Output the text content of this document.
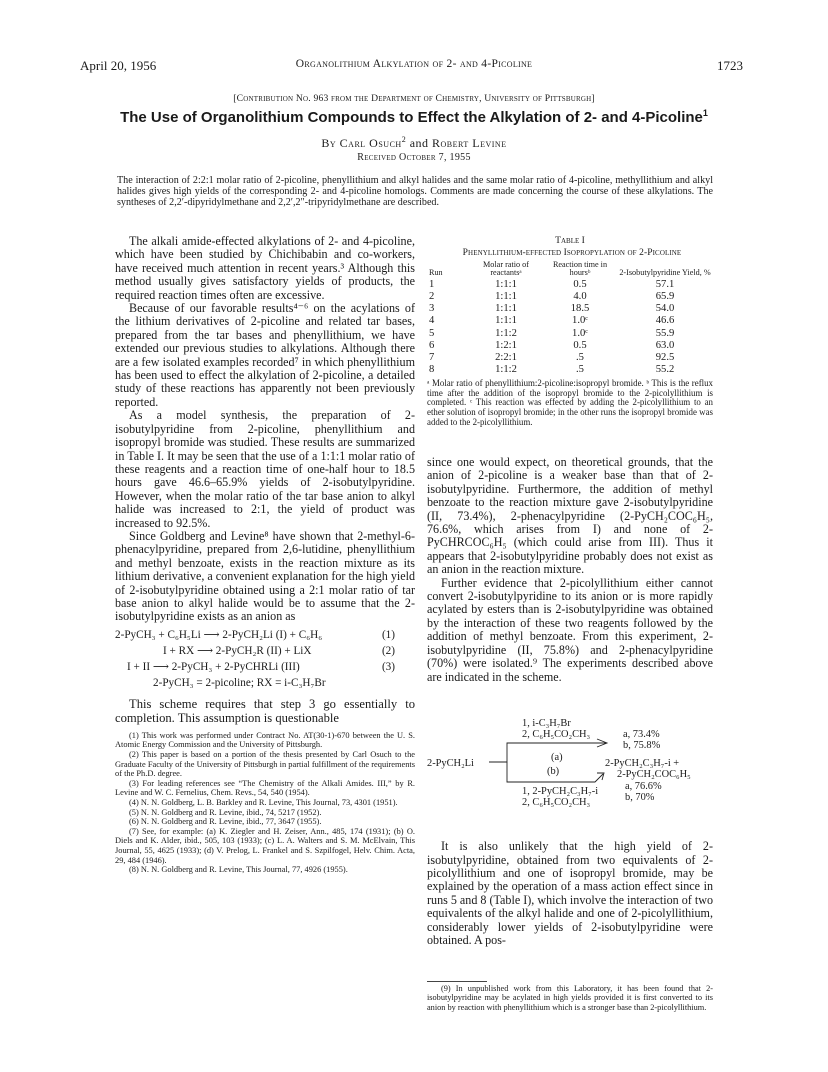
April 20, 1956	Organolithium Alkylation of 2- and 4-Picoline	1723
[Contribution No. 963 from the Department of Chemistry, University of Pittsburgh]
The Use of Organolithium Compounds to Effect the Alkylation of 2- and 4-Picoline$^1$
By Carl Osuch$^2$ and Robert Levine
Received October 7, 1955
The interaction of 2:2:1 molar ratio of 2-picoline, phenyllithium and alkyl halides and the same molar ratio of 4-picoline, methyllithium and alkyl halides gives high yields of the corresponding 2- and 4-picoline homologs. Comments are made concerning the course of these alkylations. The syntheses of 2,2′-dipyridylmethane and 2,2′,2″-tripyridylmethane are described.

The alkali amide-effected alkylations of 2- and 4-picoline, which have been studied by Chichibabin and co-workers, have received much attention in recent years.³ Although this method usually gives satisfactory yields of products, the required reaction times often are excessive.

Because of our favorable results⁴⁻⁶ on the acylations of the lithium derivatives of 2-picoline and related tar bases, prepared from the tar bases and phenyllithium, we have extended our previous studies to alkylations. Although there are a few isolated examples recorded⁷ in which phenyllithium has been used to effect the alkylation of 2-picoline, a detailed study of these reactions has apparently not been previously reported.

As a model synthesis, the preparation of 2-isobutylpyridine from 2-picoline, phenyllithium and isopropyl bromide was studied. These results are summarized in Table I. It may be seen that the use of a 1:1:1 molar ratio of these reagents and a reaction time of one-half hour to 18.5 hours gave 46.6–65.9% yields of 2-isobutylpyridine. However, when the molar ratio of the tar base anion to alkyl halide was increased to 2:1, the yield of product was increased to 92.5%.

Since Goldberg and Levine⁸ have shown that 2-methyl-6-phenacylpyridine, prepared from 2,6-lutidine, phenyllithium and methyl benzoate, exists in the reaction mixture as its lithium derivative, a convenient explanation for the high yield of 2-isobutylpyridine obtained using a 2:1 molar ratio of tar base anion to alkyl halide would be to assume that the 2-isobutylpyridine exists as an anion as

2-PyCH₃ + C₆H₅Li ⟶ 2-PyCH₂Li (I) + C₆H₆	(1)
I + RX ⟶ 2-PyCH₂R (II) + LiX	(2)
I + II ⟶ 2-PyCH₃ + 2-PyCHRLi (III)	(3)
2-PyCH₃ = 2-picoline; RX = i-C₃H₇Br

This scheme requires that step 3 go essentially to completion. This assumption is questionable

(1) This work was performed under Contract No. AT(30-1)-670 between the U. S. Atomic Energy Commission and the University of Pittsburgh.

(2) This paper is based on a portion of the thesis presented by Carl Osuch to the Graduate Faculty of the University of Pittsburgh in partial fulfillment of the requirements of the Ph.D. degree.

(3) For leading references see “The Chemistry of the Alkali Amides. III,” by R. Levine and W. C. Fernelius, Chem. Revs., 54, 540 (1954).

(4) N. N. Goldberg, L. B. Barkley and R. Levine, This Journal, 73, 4301 (1951).

(5) N. N. Goldberg and R. Levine, ibid., 74, 5217 (1952).

(6) N. N. Goldberg and R. Levine, ibid., 77, 3647 (1955).

(7) See, for example: (a) K. Ziegler and H. Zeiser, Ann., 485, 174 (1931); (b) O. Diels and K. Alder, ibid., 505, 103 (1933); (c) L. A. Walters and S. M. McElvain, This Journal, 55, 4625 (1933); (d) V. Prelog, L. Frankel and S. Szpilfogel, Helv. Chim. Acta, 29, 484 (1946).

(8) N. N. Goldberg and R. Levine, This Journal, 77, 4926 (1955).

Table I
Phenyllithium-effected Isopropylation of 2-Picoline
Run	Molar ratio of reactantsᵃ	Reaction time in hoursᵇ	2-Isobutylpyridine Yield, %
1	1:1:1	0.5	57.1
2	1:1:1	4.0	65.9
3	1:1:1	18.5	54.0
4	1:1:1	1.0ᶜ	46.6
5	1:1:2	1.0ᶜ	55.9
6	1:2:1	0.5	63.0
7	2:2:1	.5	92.5
8	1:1:2	.5	55.2
ᵃ Molar ratio of phenyllithium:2-picoline:isopropyl bromide. ᵇ This is the reflux time after the addition of the isopropyl bromide to the 2-picolyllithium is completed. ᶜ This reaction was effected by adding the 2-picolyllithium to an ether solution of isopropyl bromide; in the other runs the isopropyl bromide was added to the 2-picolyllithium.

since one would expect, on theoretical grounds, that the anion of 2-picoline is a weaker base than that of 2-isobutylpyridine. Furthermore, the addition of methyl benzoate to the reaction mixture gave 2-isobutylpyridine (II, 73.4%), 2-phenacylpyridine (2-PyCH₂COC₆H₅, 76.6%, which arises from I) and none of 2-PyCHRCOC₆H₅ (which could arise from III). Thus it appears that 2-isobutylpyridine probably does not exist as an anion in the reaction mixture.

Further evidence that 2-picolyllithium either cannot convert 2-isobutylpyridine to its anion or is more rapidly acylated by esters than is 2-isobutylpyridine was obtained by the interaction of these two reagents followed by the addition of methyl benzoate. From this experiment, 2-isobutylpyridine (II, 75.8%) and 2-phenacylpyridine (70%) were isolated.⁹ The experiments described above are indicated in the scheme.

1, i-C₃H₇Br
2, C₆H₅CO₂CH₃	a, 73.4%
b, 75.8%
2-PyCH₂Li
(a)
(b)
2-PyCH₂C₃H₇-i +
2-PyCH₂COC₆H₅
1, 2-PyCH₂C₃H₇-i
2, C₆H₅CO₂CH₃
a, 76.6%
b, 70%

It is also unlikely that the high yield of 2-isobutylpyridine, obtained from two equivalents of 2-picolyllithium and one of isopropyl bromide, may be explained by the operation of a mass action effect since in runs 5 and 8 (Table I), which involve the interaction of two equivalents of the alkyl halide and one of 2-picolyllithium, considerably lower yields of 2-isobutylpyridine were obtained. A pos-

(9) In unpublished work from this Laboratory, it has been found that 2-isobutylpyridine may be acylated in high yields provided it is first converted to its anion by reaction with phenyllithium which is a stronger base than 2-picolyllithium.
